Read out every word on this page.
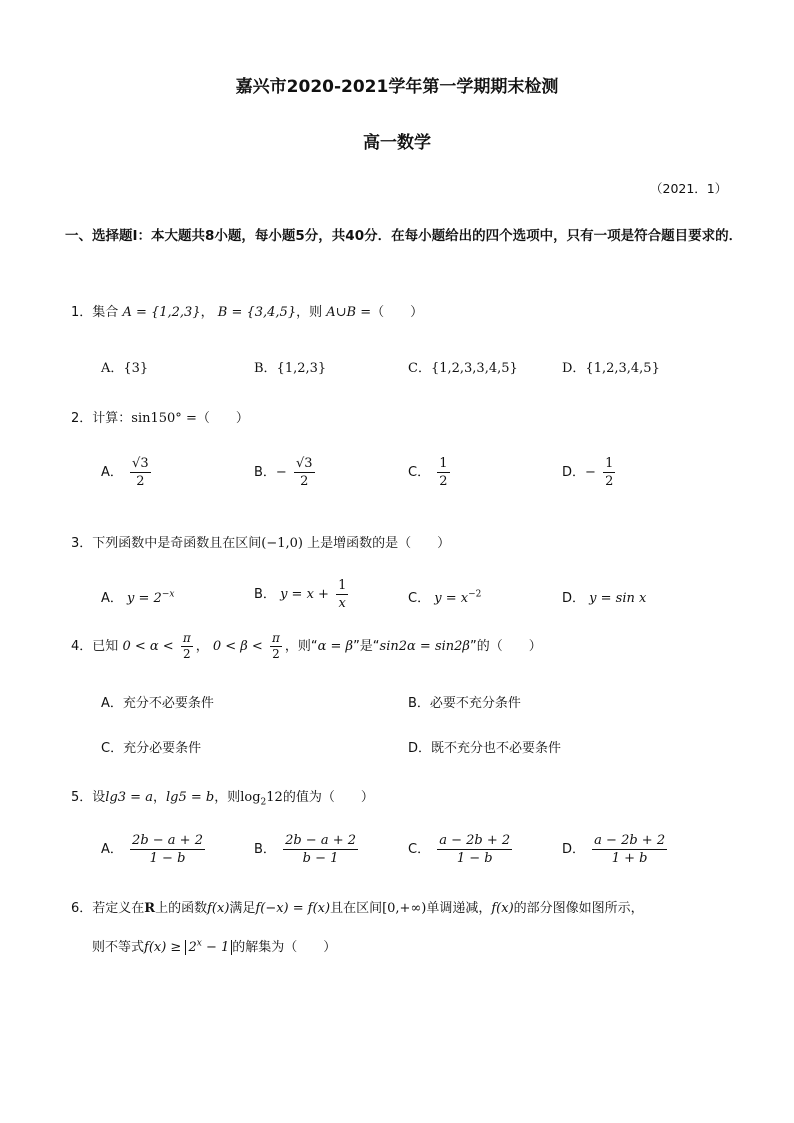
嘉兴市2020-2021学年第一学期期末检测
高一数学
（2021．1）
一、选择题Ⅰ：本大题共8小题，每小题5分，共40分．在每小题给出的四个选项中，只有一项是符合题目要求的．
1．集合 A = {1,2,3}， B = {3,4,5}，则 A∪B =（　　）
A．{3}	B．{1,2,3}	C．{1,2,3,3,4,5}	D．{1,2,3,4,5}
2．计算：sin150° =（　　）
A． $\frac{√3}{2}$	B．− $\frac{√3}{2}$	C． $\frac{1}{2}$	D．− $\frac{1}{2}$
3．下列函数中是奇函数且在区间(−1,0) 上是增函数的是（　　）
A． $y = 2^{-x}$	B． $y = x + \frac{1}{x}$	C． $y = x^{-2}$	D． y = sin x
4．已知 $0 < \alpha < \frac{\pi}{2}$ ， $0 < \beta < \frac{\pi}{2}$ ，则“α = β”是“sin2α = sin2β”的（　　）
A．充分不必要条件	B．必要不充分条件
C．充分必要条件	D．既不充分也不必要条件
5．设lg3 = a，lg5 = b，则$\log_212$的值为（　　）
A． $\frac{2b - a + 2}{1 - b}$	B． $\frac{2b - a + 2}{b - 1}$	C． $\frac{a - 2b + 2}{1 - b}$	D． $\frac{a - 2b + 2}{1 + b}$
6．若定义在R上的函数f(x)满足f(−x) = f(x)且在区间[0,+∞)单调递减，f(x)的部分图像如图所示，
则不等式$f(x) \ge 2^x - 1$ 的解集为（　　）
